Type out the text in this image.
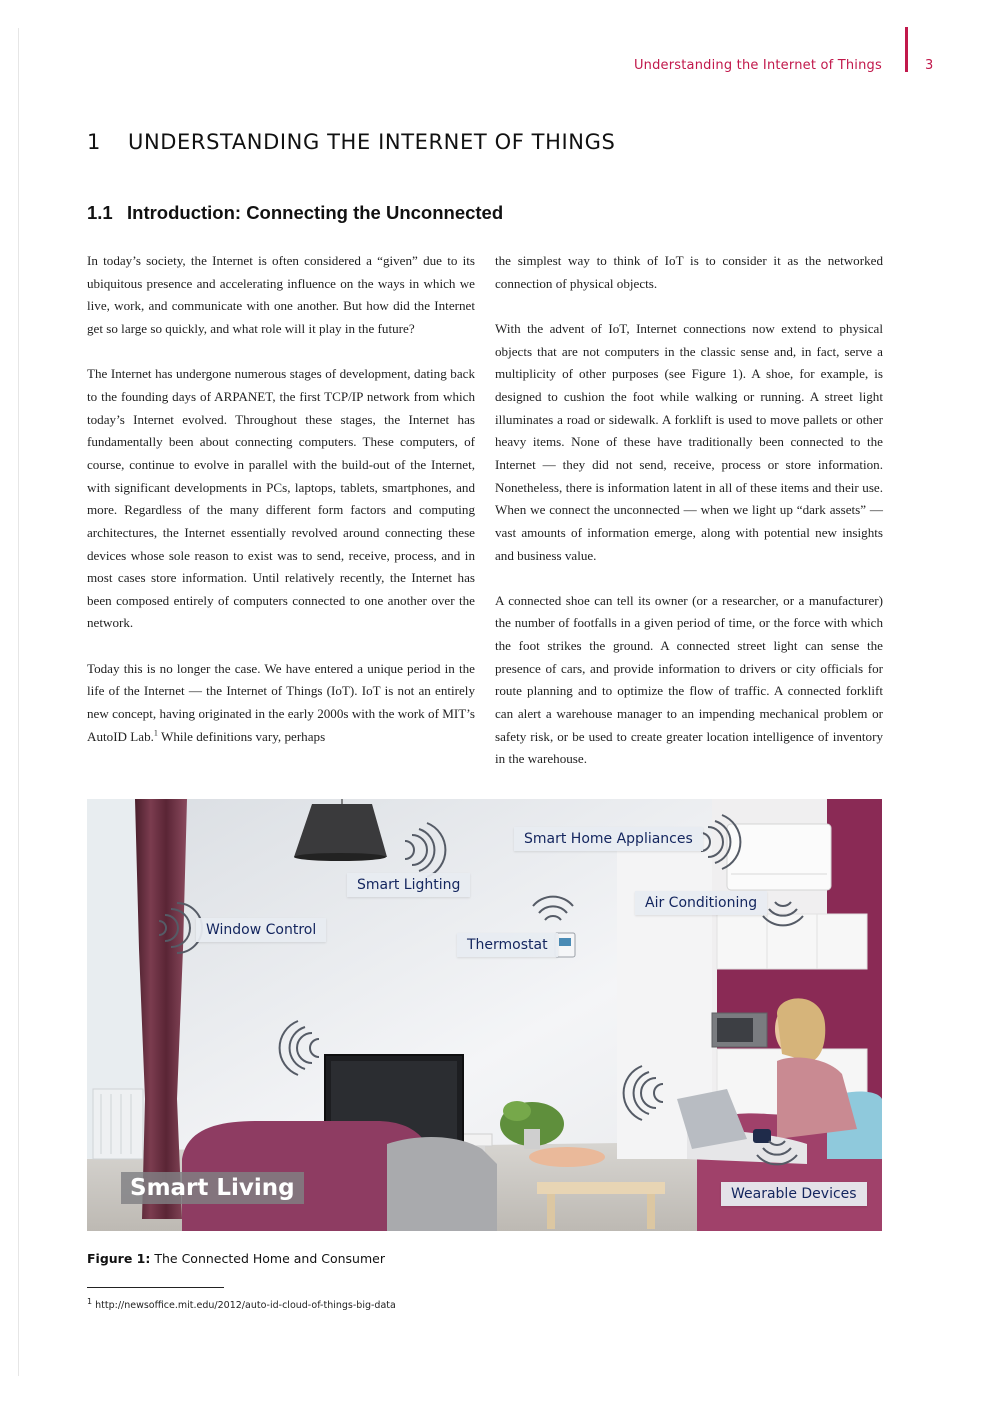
Understanding the Internet of Things	3
1 UNDERSTANDING THE INTERNET OF THINGS
1.1 Introduction: Connecting the Unconnected

In today’s society, the Internet is often considered a “given” due to its ubiquitous presence and accelerating influence on the ways in which we live, work, and communicate with one another. But how did the Internet get so large so quickly, and what role will it play in the future?

The Internet has undergone numerous stages of development, dating back to the founding days of ARPANET, the first TCP/IP network from which today’s Internet evolved. Throughout these stages, the Internet has fundamentally been about connecting computers. These computers, of course, continue to evolve in parallel with the build-out of the Internet, with significant developments in PCs, laptops, tablets, smartphones, and more. Regardless of the many different form factors and computing architectures, the Internet essentially revolved around connecting these devices whose sole reason to exist was to send, receive, process, and in most cases store information. Until relatively recently, the Internet has been composed entirely of computers connected to one another over the network.

Today this is no longer the case. We have entered a unique period in the life of the Internet — the Internet of Things (IoT). IoT is not an entirely new concept, having originated in the early 2000s with the work of MIT’s AutoID Lab.$^1$ While definitions vary, perhaps

the simplest way to think of IoT is to consider it as the networked connection of physical objects.

With the advent of IoT, Internet connections now extend to physical objects that are not computers in the classic sense and, in fact, serve a multiplicity of other purposes (see Figure 1). A shoe, for example, is designed to cushion the foot while walking or running. A street light illuminates a road or sidewalk. A forklift is used to move pallets or other heavy items. None of these have traditionally been connected to the Internet — they did not send, receive, process or store information. Nonetheless, there is information latent in all of these items and their use. When we connect the unconnected — when we light up “dark assets” — vast amounts of information emerge, along with potential new insights and business value.

A connected shoe can tell its owner (or a researcher, or a manufacturer) the number of footfalls in a given period of time, or the force with which the foot strikes the ground. A connected street light can sense the presence of cars, and provide information to drivers or city officials for route planning and to optimize the flow of traffic. A connected forklift can alert a warehouse manager to an impending mechanical problem or safety risk, or be used to create greater location intelligence of inventory in the warehouse.

Smart Home Appliances
Smart Lighting
Air Conditioning
Window Control
Thermostat
Wearable Devices
Smart Living
Figure 1: The Connected Home and Consumer
$^1$ http://newsoffice.mit.edu/2012/auto-id-cloud-of-things-big-data
